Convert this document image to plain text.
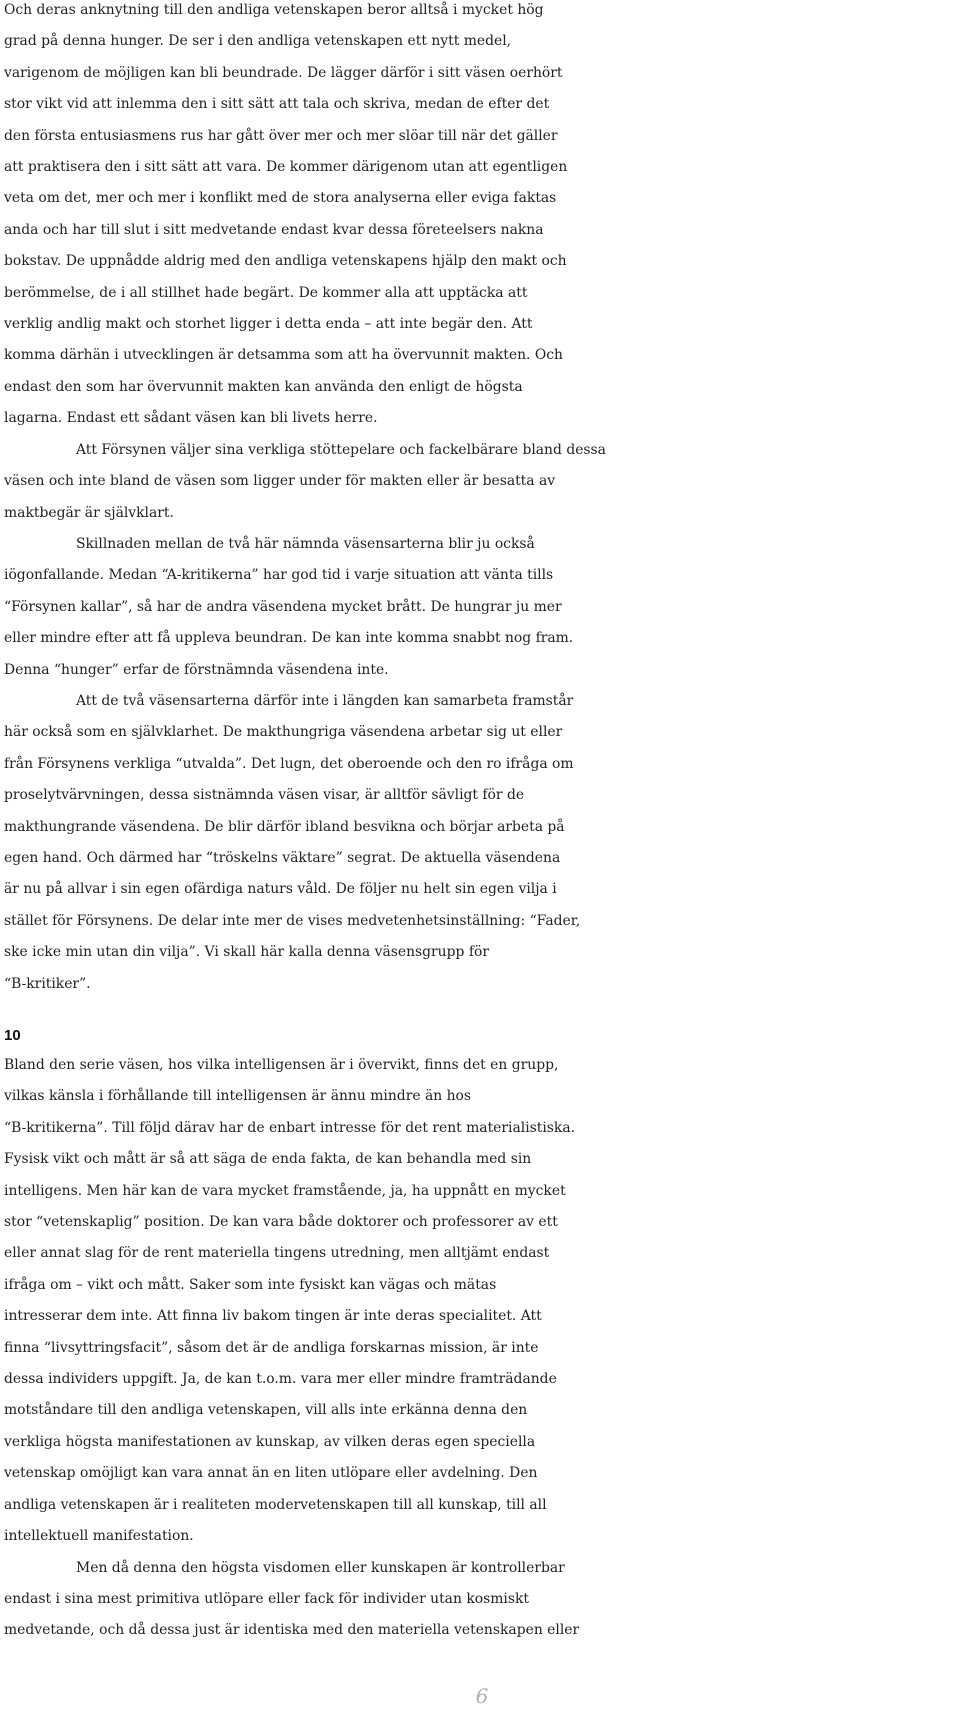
Och deras anknytning till den andliga vetenskapen beror alltså i mycket hög
grad på denna hunger. De ser i den andliga vetenskapen ett nytt medel,
varigenom de möjligen kan bli beundrade. De lägger därför i sitt väsen oerhört
stor vikt vid att inlemma den i sitt sätt att tala och skriva, medan de efter det
den första entusiasmens rus har gått över mer och mer slöar till när det gäller
att praktisera den i sitt sätt att vara. De kommer därigenom utan att egentligen
veta om det, mer och mer i konflikt med de stora analyserna eller eviga faktas
anda och har till slut i sitt medvetande endast kvar dessa företeelsers nakna
bokstav. De uppnådde aldrig med den andliga vetenskapens hjälp den makt och
berömmelse, de i all stillhet hade begärt. De kommer alla att upptäcka att
verklig andlig makt och storhet ligger i detta enda – att inte begär den. Att
komma därhän i utvecklingen är detsamma som att ha övervunnit makten. Och
endast den som har övervunnit makten kan använda den enligt de högsta
lagarna. Endast ett sådant väsen kan bli livets herre.

Att Försynen väljer sina verkliga stöttepelare och fackelbärare bland dessa
väsen och inte bland de väsen som ligger under för makten eller är besatta av
maktbegär är självklart.

Skillnaden mellan de två här nämnda väsensarterna blir ju också
iögonfallande. Medan “A-kritikerna” har god tid i varje situation att vänta tills
“Försynen kallar”, så har de andra väsendena mycket brått. De hungrar ju mer
eller mindre efter att få uppleva beundran. De kan inte komma snabbt nog fram.
Denna “hunger” erfar de förstnämnda väsendena inte.

Att de två väsensarterna därför inte i längden kan samarbeta framstår
här också som en självklarhet. De makthungriga väsendena arbetar sig ut eller
från Försynens verkliga “utvalda”. Det lugn, det oberoende och den ro ifråga om
proselytvärvningen, dessa sistnämnda väsen visar, är alltför sävligt för de
makthungrande väsendena. De blir därför ibland besvikna och börjar arbeta på
egen hand. Och därmed har “tröskelns väktare” segrat. De aktuella väsendena
är nu på allvar i sin egen ofärdiga naturs våld. De följer nu helt sin egen vilja i
stället för Försynens. De delar inte mer de vises medvetenhetsinställning: “Fader,
ske icke min utan din vilja”. Vi skall här kalla denna väsensgrupp för
“B-kritiker”.

10

Bland den serie väsen, hos vilka intelligensen är i övervikt, finns det en grupp,
vilkas känsla i förhållande till intelligensen är ännu mindre än hos
“B-kritikerna”. Till följd därav har de enbart intresse för det rent materialistiska.
Fysisk vikt och mått är så att säga de enda fakta, de kan behandla med sin
intelligens. Men här kan de vara mycket framstående, ja, ha uppnått en mycket
stor “vetenskaplig” position. De kan vara både doktorer och professorer av ett
eller annat slag för de rent materiella tingens utredning, men alltjämt endast
ifråga om – vikt och mått. Saker som inte fysiskt kan vägas och mätas
intresserar dem inte. Att finna liv bakom tingen är inte deras specialitet. Att
finna “livsyttringsfacit”, såsom det är de andliga forskarnas mission, är inte
dessa individers uppgift. Ja, de kan t.o.m. vara mer eller mindre framträdande
motståndare till den andliga vetenskapen, vill alls inte erkänna denna den
verkliga högsta manifestationen av kunskap, av vilken deras egen speciella
vetenskap omöjligt kan vara annat än en liten utlöpare eller avdelning. Den
andliga vetenskapen är i realiteten modervetenskapen till all kunskap, till all
intellektuell manifestation.

Men då denna den högsta visdomen eller kunskapen är kontrollerbar
endast i sina mest primitiva utlöpare eller fack för individer utan kosmiskt
medvetande, och då dessa just är identiska med den materiella vetenskapen eller

6
